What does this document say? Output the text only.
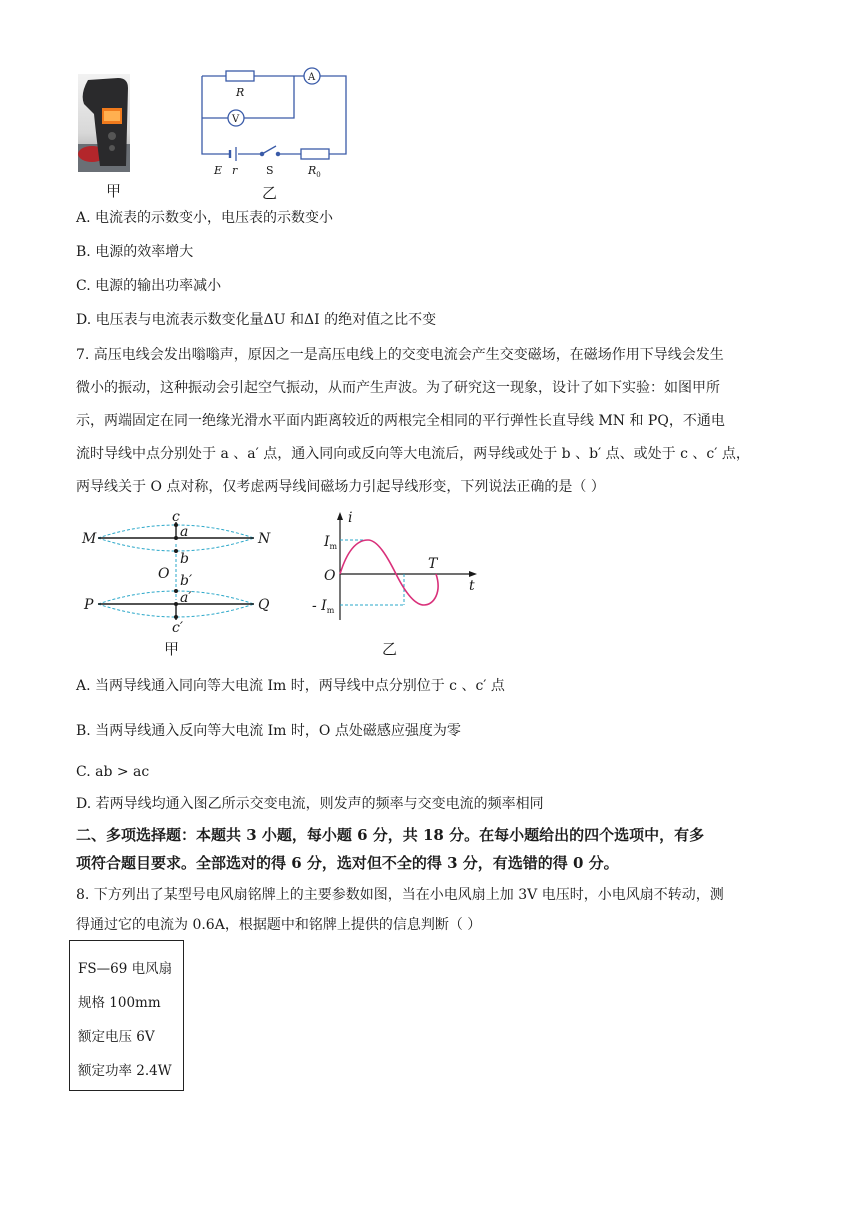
甲
R
A
V
E r	S	$R_0$
乙
A. 电流表的示数变小，电压表的示数变小
B. 电源的效率增大
C. 电源的输出功率减小
D. 电压表与电流表示数变化量ΔU 和ΔI 的绝对值之比不变
7. 高压电线会发出嗡嗡声，原因之一是高压电线上的交变电流会产生交变磁场，在磁场作用下导线会发生
微小的振动，这种振动会引起空气振动，从而产生声波。为了研究这一现象，设计了如下实验：如图甲所
示，两端固定在同一绝缘光滑水平面内距离较近的两根完全相同的平行弹性长直导线 MN 和 PQ，不通电
流时导线中点分别处于 a 、a′ 点，通入同向或反向等大电流后，两导线或处于 b 、b′ 点、或处于 c 、c′ 点，
两导线关于 O 点对称，仅考虑两导线间磁场力引起导线形变，下列说法正确的是（ ）
M	N
P	Q
c
a
b
O b′
a′
c′
甲
i
t
O
T
$I_m$
- $I_m$
乙
A. 当两导线通入同向等大电流 Im 时，两导线中点分别位于 c 、c′ 点
B. 当两导线通入反向等大电流 Im 时，O 点处磁感应强度为零
C. ab > ac
D. 若两导线均通入图乙所示交变电流，则发声的频率与交变电流的频率相同
二、多项选择题：本题共 3 小题，每小题 6 分，共 18 分。在每小题给出的四个选项中，有多
项符合题目要求。全部选对的得 6 分，选对但不全的得 3 分，有选错的得 0 分。
8. 下方列出了某型号电风扇铭牌上的主要参数如图，当在小电风扇上加 3V 电压时，小电风扇不转动，测
得通过它的电流为 0.6A，根据题中和铭牌上提供的信息判断（ ）
FS—69 电风扇
规格 100mm
额定电压 6V
额定功率 2.4W
